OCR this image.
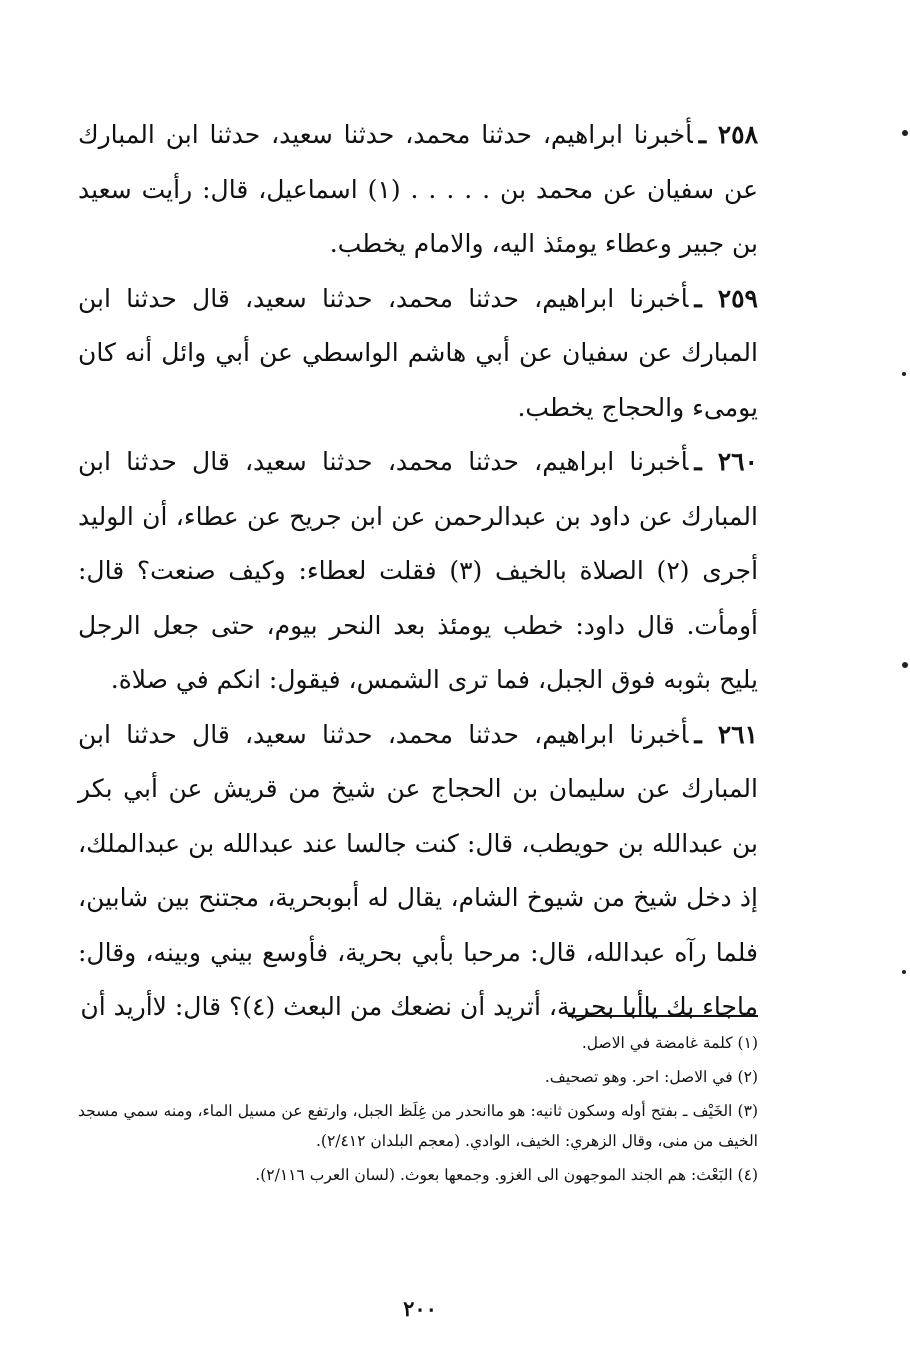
٢٥٨ ـأخبرنا ابراهيم، حدثنا محمد، حدثنا سعيد، حدثنا ابن المبارك عن سفيان عن محمد بن . . . . . (١) اسماعيل، قال: رأيت سعيد بن جبير وعطاء يومئذ اليه، والامام يخطب.

٢٥٩ ـأخبرنا ابراهيم، حدثنا محمد، حدثنا سعيد، قال حدثنا ابن المبارك عن سفيان عن أبي هاشم الواسطي عن أبي وائل أنه كان يومىء والحجاج يخطب.

٢٦٠ ـأخبرنا ابراهيم، حدثنا محمد، حدثنا سعيد، قال حدثنا ابن المبارك عن داود بن عبدالرحمن عن ابن جريح عن عطاء، أن الوليد أجرى (٢) الصلاة بالخيف (٣) فقلت لعطاء: وكيف صنعت؟ قال: أومأت. قال داود: خطب يومئذ بعد النحر بيوم، حتى جعل الرجل يليح بثوبه فوق الجبل، فما ترى الشمس، فيقول: انكم في صلاة.

٢٦١ ـأخبرنا ابراهيم، حدثنا محمد، حدثنا سعيد، قال حدثنا ابن المبارك عن سليمان بن الحجاج عن شيخ من قريش عن أبي بكر بن عبدالله بن حويطب، قال: كنت جالسا عند عبدالله بن عبدالملك، إذ دخل شيخ من شيوخ الشام، يقال له أبوبحرية، مجتنح بين شابين، فلما رآه عبدالله، قال: مرحبا بأبي بحرية، فأوسع بيني وبينه، وقال: ماجاء بك ياأبا بحرية، أتريد أن نضعك من البعث (٤)؟ قال: لاأريد أن

(١) كلمة غامضة في الاصل.

(٢) في الاصل: احر. وهو تصحيف.

(٣) الخَيْف ـ بفتح أوله وسكون ثانيه: هو ماانحدر من غِلَظ الجبل، وارتفع عن مسيل الماء، ومنه سمي مسجد الخيف من منى، وقال الزهري: الخيف، الوادي. (معجم البلدان ٢/٤١٢).

(٤) البَعْث: هم الجند الموجهون الى الغزو. وجمعها بعوث. (لسان العرب ٢/١١٦).

٢٠٠
